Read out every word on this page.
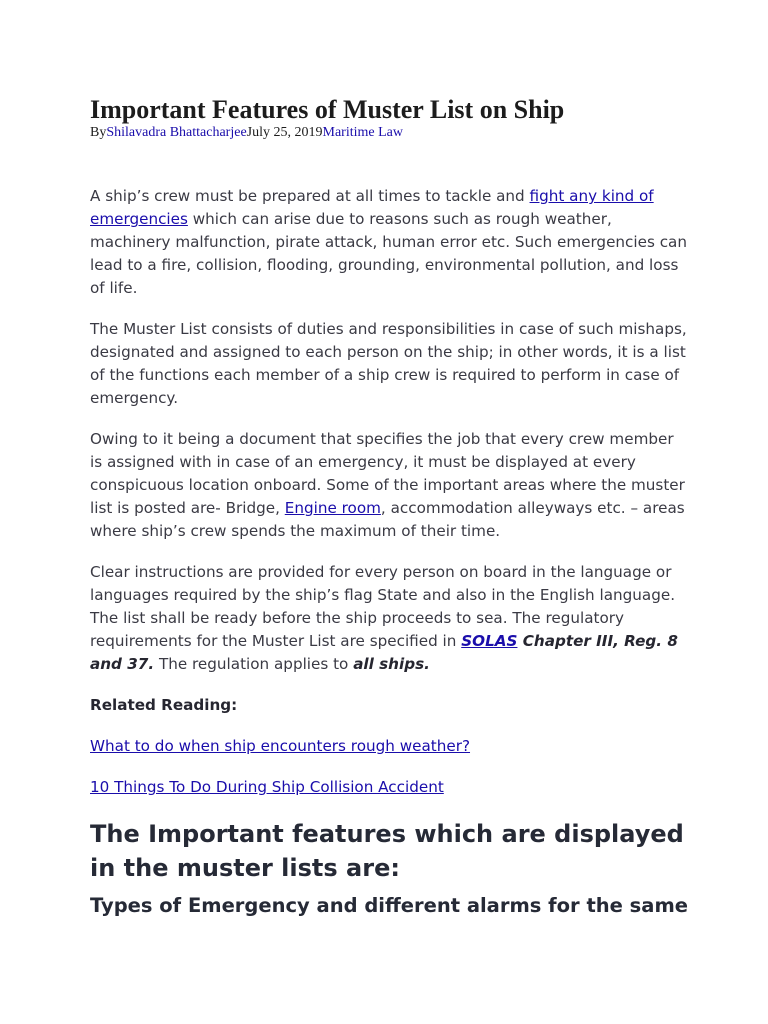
Important Features of Muster List on Ship
ByShilavadra BhattacharjeeJuly 25, 2019Maritime Law

A ship’s crew must be prepared at all times to tackle and fight any kind of emergencies which can arise due to reasons such as rough weather, machinery malfunction, pirate attack, human error etc. Such emergencies can lead to a fire, collision, flooding, grounding, environmental pollution, and loss of life.

The Muster List consists of duties and responsibilities in case of such mishaps, designated and assigned to each person on the ship; in other words, it is a list of the functions each member of a ship crew is required to perform in case of emergency.

Owing to it being a document that specifies the job that every crew member is assigned with in case of an emergency, it must be displayed at every conspicuous location onboard. Some of the important areas where the muster list is posted are- Bridge, Engine room, accommodation alleyways etc. – areas where ship’s crew spends the maximum of their time.

Clear instructions are provided for every person on board in the language or languages required by the ship’s flag State and also in the English language. The list shall be ready before the ship proceeds to sea. The regulatory requirements for the Muster List are specified in SOLAS Chapter III, Reg. 8 and 37. The regulation applies to all ships.

Related Reading:

What to do when ship encounters rough weather?

10 Things To Do During Ship Collision Accident

The Important features which are displayed in the muster lists are:
Types of Emergency and different alarms for the same
